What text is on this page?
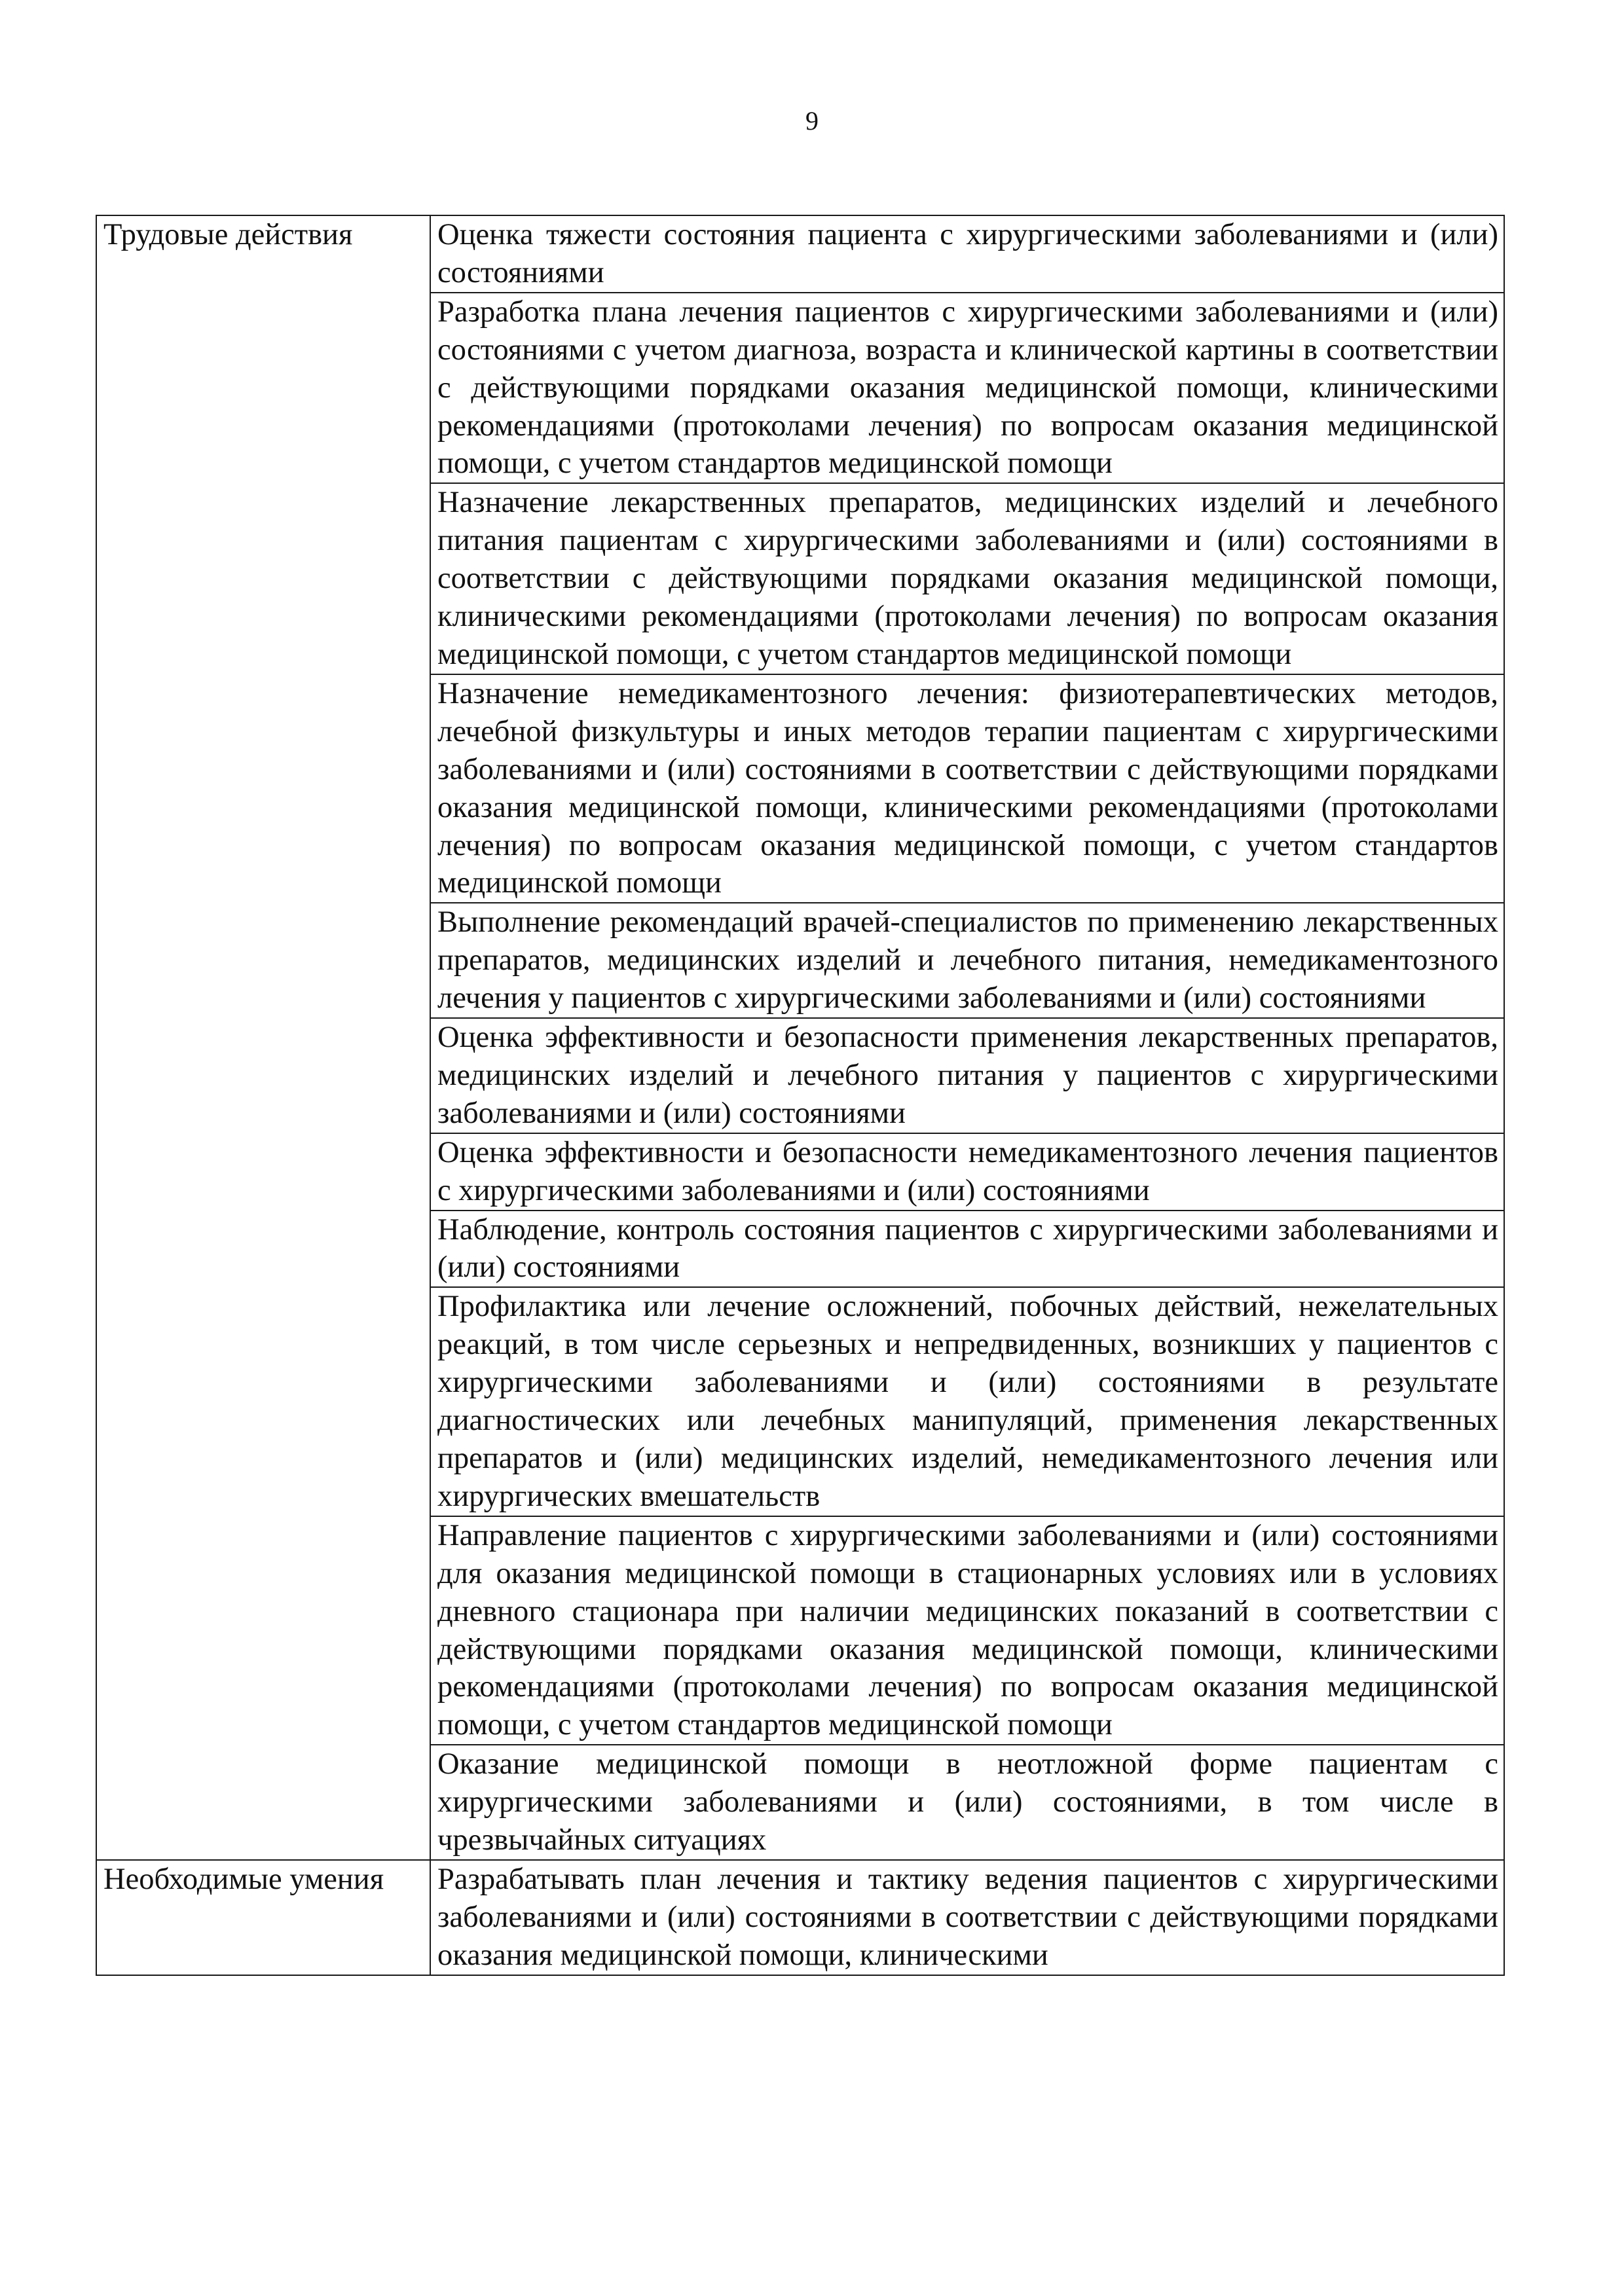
9
Трудовые действия	Оценка тяжести состояния пациента с хирургическими заболеваниями и (или) состояниями
	Разработка плана лечения пациентов с хирургическими заболеваниями и (или) состояниями с учетом диагноза, возраста и клинической картины в соответствии с действующими порядками оказания медицинской помощи, клиническими рекомендациями (протоколами лечения) по вопросам оказания медицинской помощи, с учетом стандартов медицинской помощи
	Назначение лекарственных препаратов, медицинских изделий и лечебного питания пациентам с хирургическими заболеваниями и (или) состояниями в соответствии с действующими порядками оказания медицинской помощи, клиническими рекомендациями (протоколами лечения) по вопросам оказания медицинской помощи, с учетом стандартов медицинской помощи
	Назначение немедикаментозного лечения: физиотерапевтических методов, лечебной физкультуры и иных методов терапии пациентам с хирургическими заболеваниями и (или) состояниями в соответствии с действующими порядками оказания медицинской помощи, клиническими рекомендациями (протоколами лечения) по вопросам оказания медицинской помощи, с учетом стандартов медицинской помощи
	Выполнение рекомендаций врачей-специалистов по применению лекарственных препаратов, медицинских изделий и лечебного питания, немедикаментозного лечения у пациентов с хирургическими заболеваниями и (или) состояниями
	Оценка эффективности и безопасности применения лекарственных препаратов, медицинских изделий и лечебного питания у пациентов с хирургическими заболеваниями и (или) состояниями
	Оценка эффективности и безопасности немедикаментозного лечения пациентов с хирургическими заболеваниями и (или) состояниями
	Наблюдение, контроль состояния пациентов с хирургическими заболеваниями и (или) состояниями
	Профилактика или лечение осложнений, побочных действий, нежелательных реакций, в том числе серьезных и непредвиденных, возникших у пациентов с хирургическими заболеваниями и (или) состояниями в результате диагностических или лечебных манипуляций, применения лекарственных препаратов и (или) медицинских изделий, немедикаментозного лечения или хирургических вмешательств
	Направление пациентов с хирургическими заболеваниями и (или) состояниями для оказания медицинской помощи в стационарных условиях или в условиях дневного стационара при наличии медицинских показаний в соответствии с действующими порядками оказания медицинской помощи, клиническими рекомендациями (протоколами лечения) по вопросам оказания медицинской помощи, с учетом стандартов медицинской помощи
	Оказание медицинской помощи в неотложной форме пациентам с хирургическими заболеваниями и (или) состояниями, в том числе в чрезвычайных ситуациях
Необходимые умения	Разрабатывать план лечения и тактику ведения пациентов с хирургическими заболеваниями и (или) состояниями в соответствии с действующими порядками оказания медицинской помощи, клиническими
